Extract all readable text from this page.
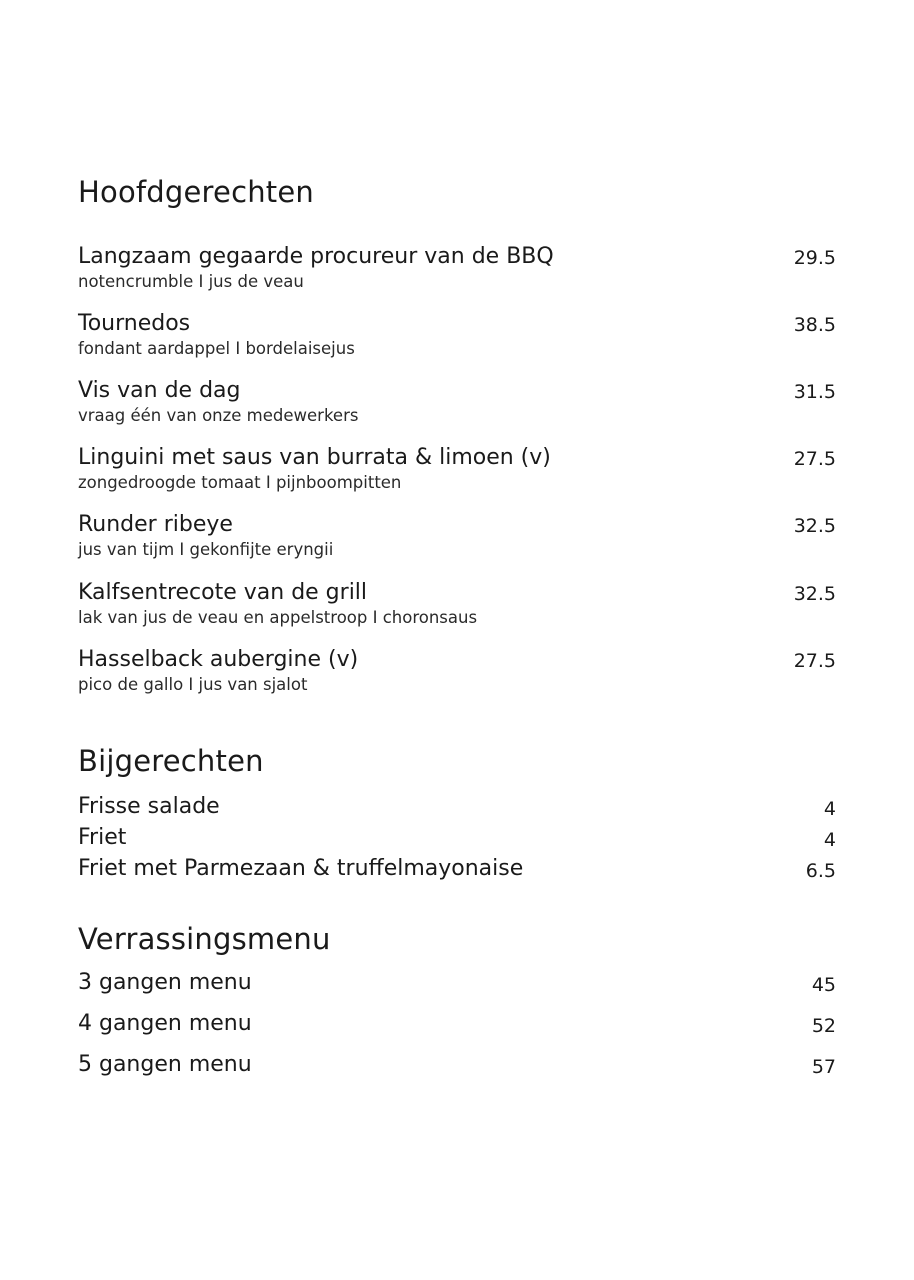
Hoofdgerechten
Langzaam gegaarde procureur van de BBQ	29.5
notencrumble I jus de veau
Tournedos	38.5
fondant aardappel I bordelaisejus
Vis van de dag	31.5
vraag één van onze medewerkers
Linguini met saus van burrata & limoen (v)	27.5
zongedroogde tomaat I pijnboompitten
Runder ribeye	32.5
jus van tijm I gekonfijte eryngii
Kalfsentrecote van de grill	32.5
lak van jus de veau en appelstroop I choronsaus
Hasselback aubergine (v)	27.5
pico de gallo I jus van sjalot
Bijgerechten
Frisse salade	4
Friet	4
Friet met Parmezaan & truffelmayonaise	6.5
Verrassingsmenu
3 gangen menu	45
4 gangen menu	52
5 gangen menu	57
